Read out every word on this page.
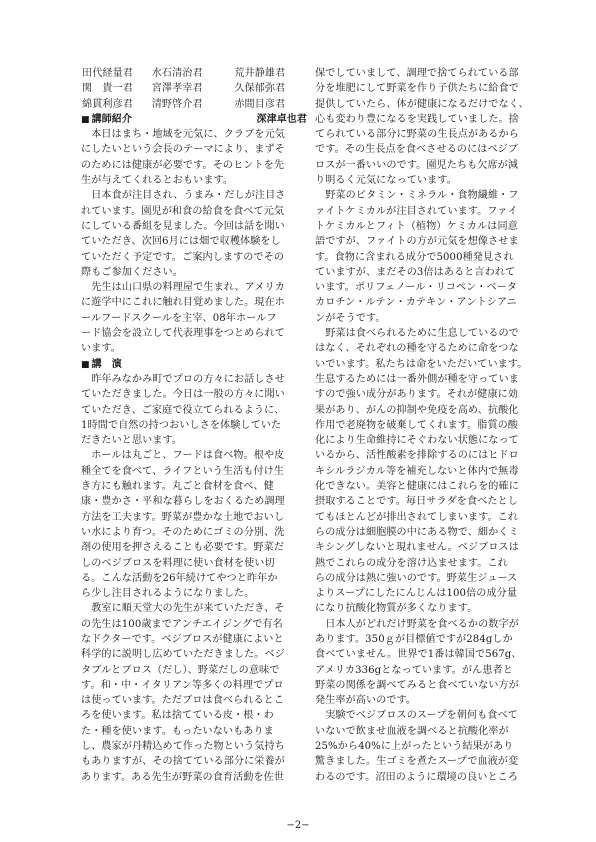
田代経量君	水石清治君	荒井静雄君
関　貴一君	宮澤孝幸君	久保郁弥君
綿貫利彦君	清野啓介君	赤間目彦君
■ 講師紹介	深津卓也君
　本日はまち・地域を元気に、クラブを元気
にしたいという会長のテーマにより、まずそ
のためには健康が必要です。そのヒントを先
生が与えてくれるとおもいます。
　日本食が注目され、うまみ・だしが注目さ
れています。園児が和食の給食を食べて元気
にしている番組を見ました。今回は話を聞い
ていただき、次回6月には畑で収穫体験をし
ていただく予定です。ご案内しますのでその
際もご参加ください。
　先生は山口県の料理屋で生まれ、アメリカ
に遊学中にこれに触れ目覚めました。現在ホ
ールフードスクールを主宰、08年ホールフ
ード協会を設立して代表理事をつとめられて
います。
■ 講　演
　昨年みなかみ町でプロの方々にお話しさせ
ていただきました。今日は一般の方々に聞い
ていただき、ご家庭で役立てられるように、
1時間で自然の持つおいしさを体験していた
だきたいと思います。
　ホールは丸ごと、フードは食べ物。根や皮
種全てを食べて、ライフという生活も付け生
き方にも触れます。丸ごと食材を食べ、健
康・豊かさ・平和な暮らしをおくるため調理
方法を工夫ます。野菜が豊かな土地でおいし
い水により育つ。そのためにゴミの分別、洗
剤の使用を押さえることも必要です。野菜だ
しのベジブロスを料理に使い食材を使い切
る。こんな活動を26年続けてやつと昨年か
ら少し注目されるようになりました。
　教室に順天堂大の先生が来ていただき、そ
の先生は100歳までアンチエイジングで有名
なドクターです。ベジブロスが健康によいと
科学的に説明し広めていただきました。ベジ
タブルとブロス（だし）、野菜だしの意味で
す。和・中・イタリアン等多くの料理でプロ
は使っています。ただブロは食べられるとこ
ろを使います。私は捨てている皮・根・わ
た・種を使います。もったいないもありま
し、農家が丹精込めて作った物という気持ち
もありますが、その捨てている部分に栄養が
あります。ある先生が野菜の食育活動を佐世
保でしていまして、調理で捨てられている部
分を堆肥にして野菜を作り子供たちに給食で
提供していたら、体が健康になるだけでなく、
心も変わり豊になるを実践していました。捨
てられている部分に野菜の生長点があるから
です。その生長点を食べさせるのにはベジブ
ロスが一番いいのです。園児たちも欠席が減
り明るく元気になっています。
　野菜のビタミン・ミネラル・食物繊維・フ
ァイトケミカルが注目されています。ファイ
トケミカルとフィト（植物）ケミカルは同意
語ですが、ファイトの方が元気を想像させま
す。食物に含まれる成分で5000種発見され
ていますが、まだその3倍はあると言われて
います。ポリフェノール・リコペン・ベータ
カロチン・ルテン・カテキン・アントシアニ
ンがそうです。
　野菜は食べられるために生息しているので
はなく、それぞれの種を守るために命をつな
いでいます。私たちは命をいただいています。
生息するためには一番外側が種を守っていま
すので強い成分があります。それが健康に効
果があり、がんの抑制や免疫を高め、抗酸化
作用で老廃物を破棄してくれます。脂質の酸
化により生命維持にそぐわない状態になって
いるから、活性酸素を排除するのにはヒドロ
キシルラジカル等を補充しないと体内で無毒
化できない。美容と健康にはこれらを的確に
摂取することです。毎日サラダを食べたとし
てもほとんどが排出されてしまいます。これ
らの成分は細胞膜の中にある物で、細かくミ
キシングしないと現れません。ベジブロスは
熱でこれらの成分を溶け込ませます。これ
らの成分は熱に強いのです。野菜生ジュース
よりスープにしたにんじんは100倍の成分量
になり抗酸化物質が多くなります。
　日本人がどれだけ野菜を食べるかの数字が
あります。350ｇが目標値ですが284gしか
食べていません。世界で1番は韓国で567g、
アメリカ336gとなっています。がん患者と
野菜の関係を調べてみると食べていない方が
発生率が高いのです。
　実験でベジブロスのスープを朝何も食べて
いないで飲ませ血液を調べると抗酸化率が
25%から40%に上がったという結果があり
驚きました。生ゴミを煮たスープで血液が変
わるのです。沼田のように環境の良いところ
−2−
